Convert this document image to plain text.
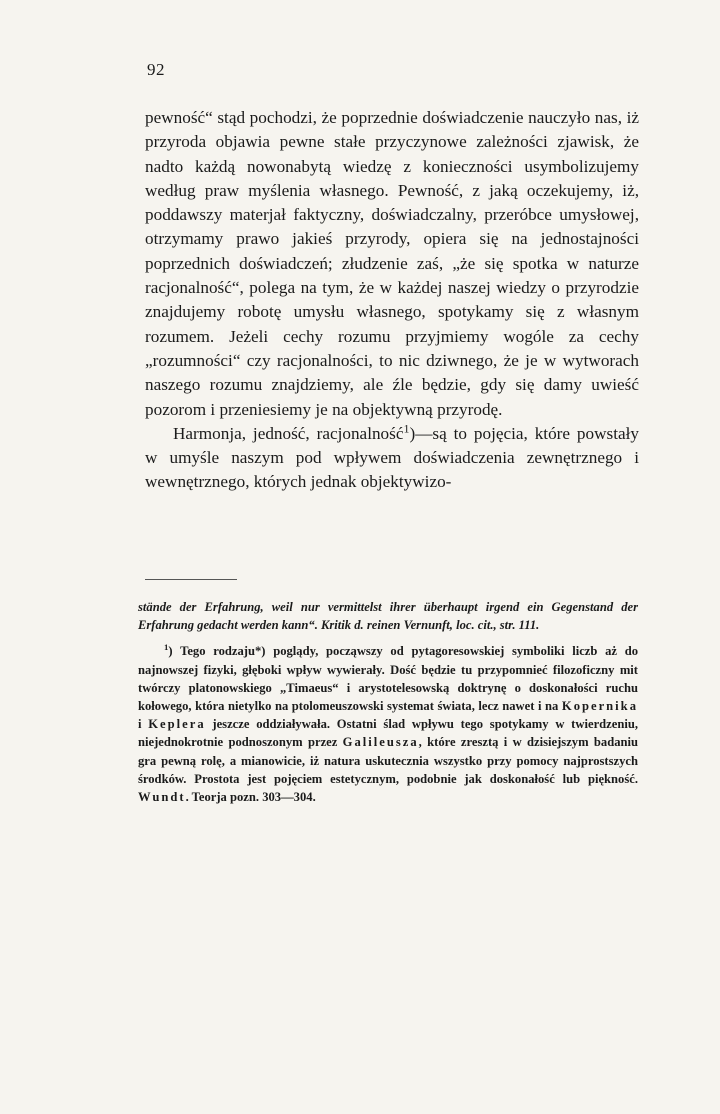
92

pewność“ stąd pochodzi, że poprzednie doświadczenie nauczyło nas, iż przyroda objawia pewne stałe przyczynowe zależności zjawisk, że nadto każdą nowonabytą wiedzę z konieczności usymbolizujemy według praw myślenia własnego. Pewność, z jaką oczekujemy, iż, poddawszy materjał faktyczny, doświadczalny, przeróbce umysłowej, otrzymamy prawo jakieś przyrody, opiera się na jednostajności poprzednich doświadczeń; złudzenie zaś, „że się spotka w naturze racjonalność“, polega na tym, że w każdej naszej wiedzy o przyrodzie znajdujemy robotę umysłu własnego, spotykamy się z własnym rozumem. Jeżeli cechy rozumu przyjmiemy wogóle za cechy „rozumności“ czy racjonalności, to nic dziwnego, że je w wytworach naszego rozumu znajdziemy, ale źle będzie, gdy się damy uwieść pozorom i przeniesiemy je na objektywną przyrodę.

Harmonja, jedność, racjonalność$^1$)—są to pojęcia, które powstały w umyśle naszym pod wpływem doświadczenia zewnętrznego i wewnętrznego, których jednak objektywizo-

stände der Erfahrung, weil nur vermittelst ihrer überhaupt irgend ein Gegenstand der Erfahrung gedacht werden kann“. Kritik d. reinen Vernunft, loc. cit., str. 111.

$^1$) Tego rodzaju*) poglądy, począwszy od pytagoresowskiej symboliki liczb aż do najnowszej fizyki, głęboki wpływ wywierały. Dość będzie tu przypomnieć filozoficzny mit twórczy platonowskiego „Timaeus“ i arystotelesowską doktrynę o doskonałości ruchu kołowego, która nietylko na ptolomeuszowski systemat świata, lecz nawet i na Kopernika i Keplera jeszcze oddziaływała. Ostatni ślad wpływu tego spotykamy w twierdzeniu, niejednokrotnie podnoszonym przez Galileusza, które zresztą i w dzisiejszym badaniu gra pewną rolę, a mianowicie, iż natura uskutecznia wszystko przy pomocy najprostszych środków. Prostota jest pojęciem estetycznym, podobnie jak doskonałość lub piękność. Wundt. Teorja pozn. 303—304.
